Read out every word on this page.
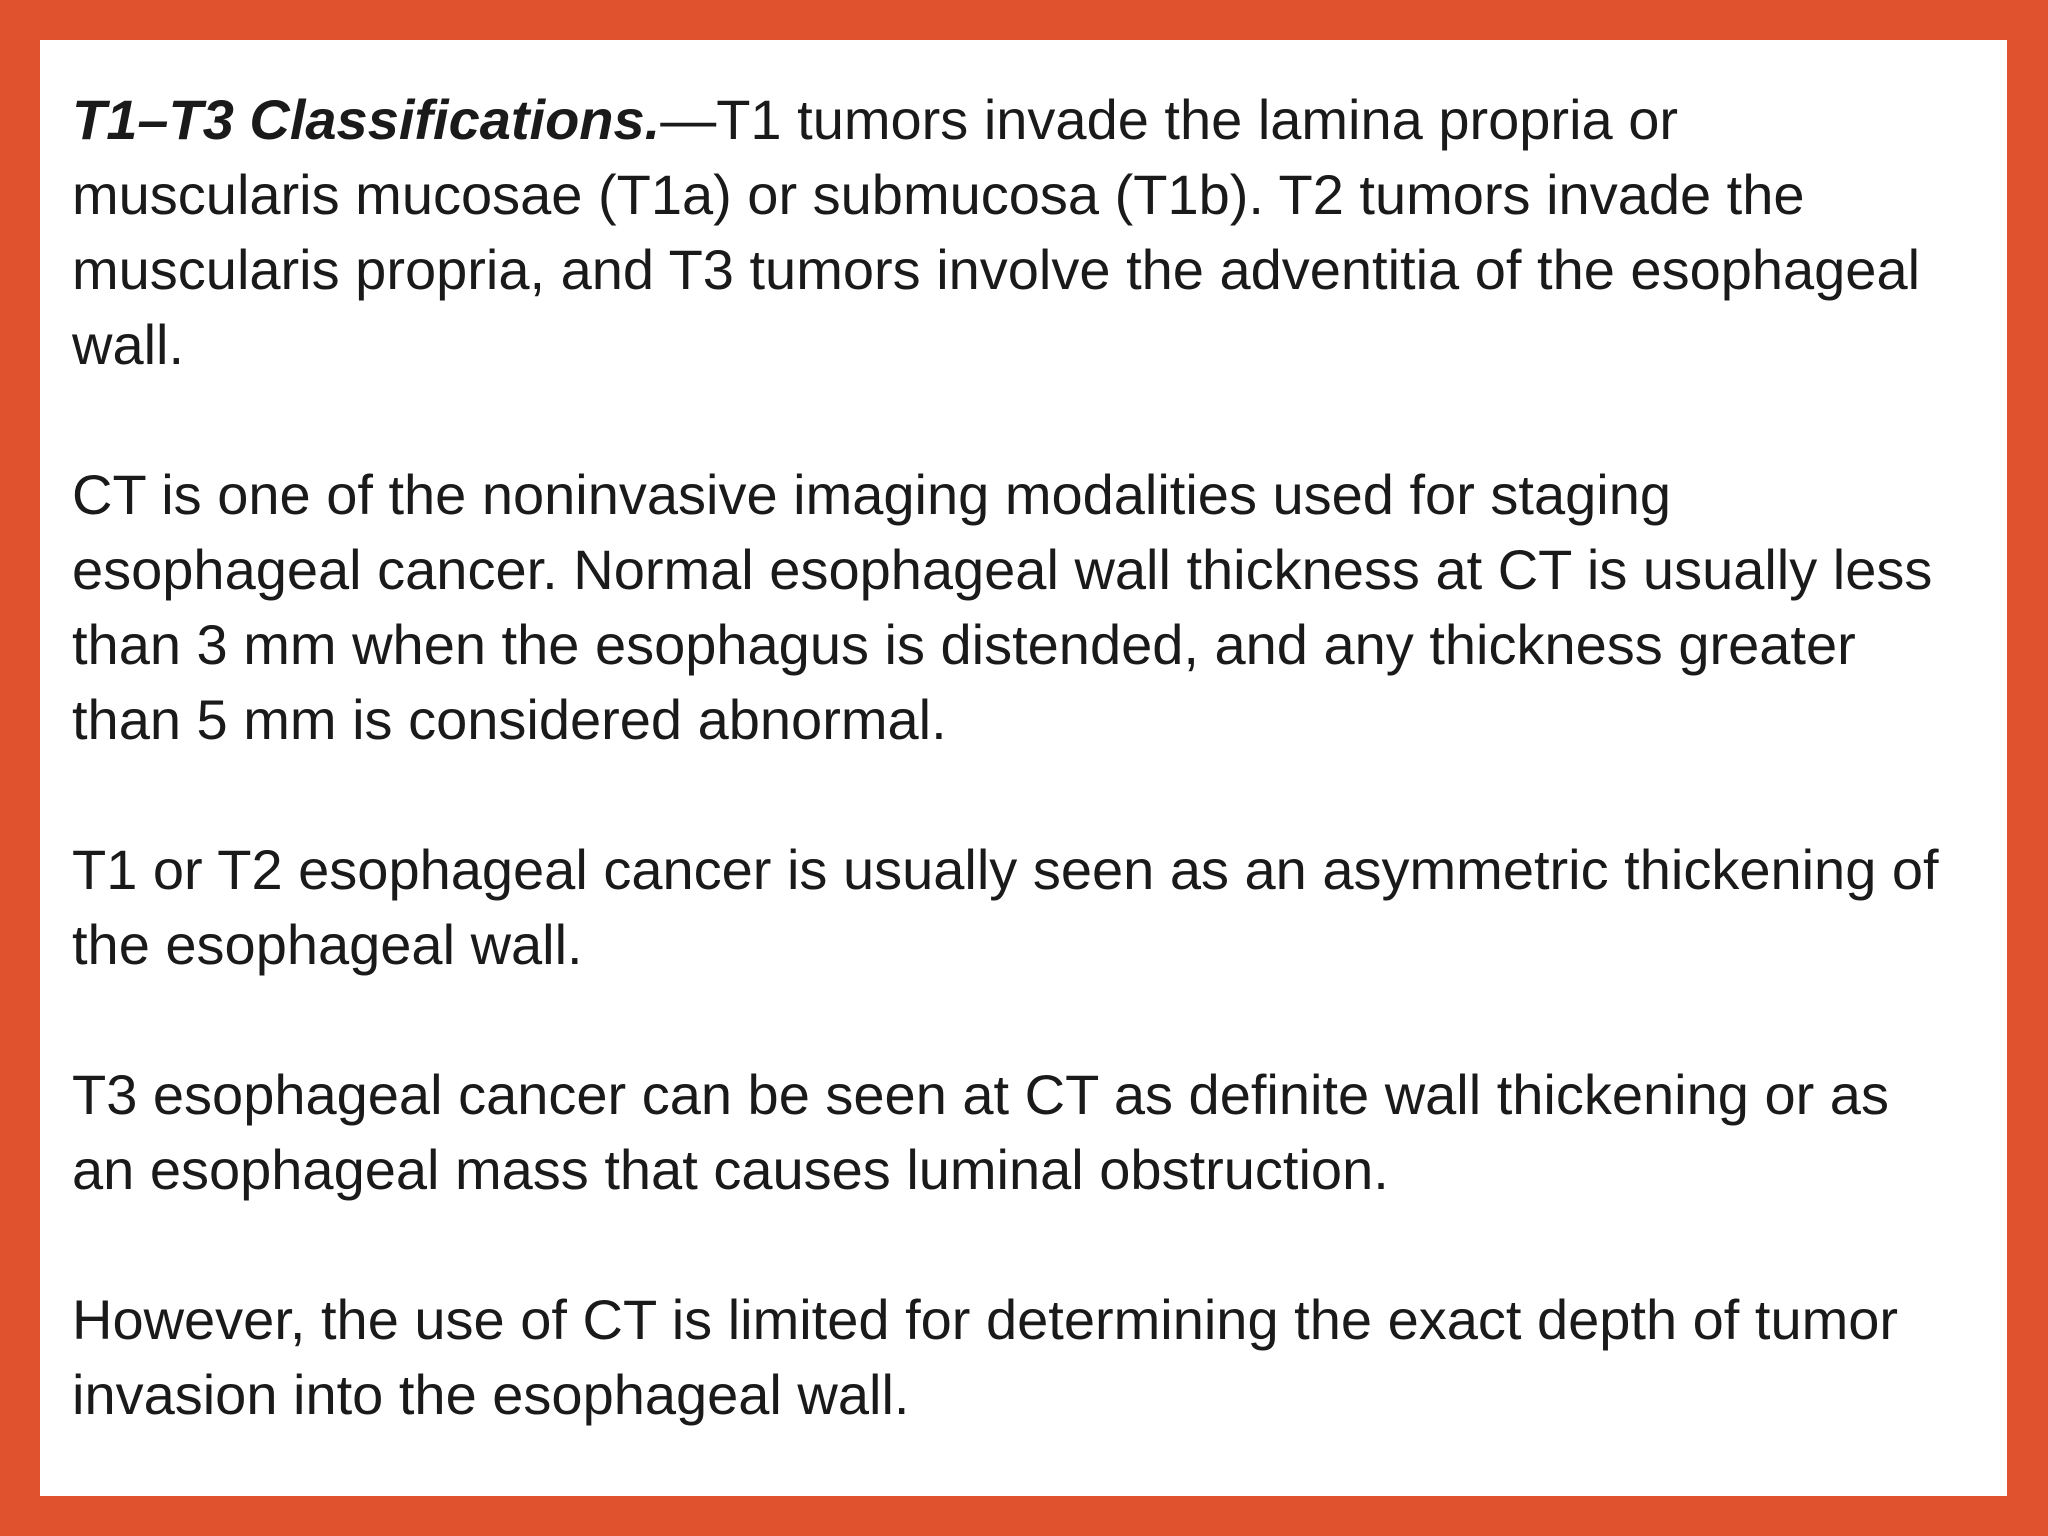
T1–T3 Classifications.—T1 tumors invade the lamina propria or muscularis mucosae (T1a) or submucosa (T1b). T2 tumors invade the muscularis propria, and T3 tumors involve the adventitia of the esophageal wall.

CT is one of the noninvasive imaging modalities used for staging esophageal cancer. Normal esophageal wall thickness at CT is usually less than 3 mm when the esophagus is distended, and any thickness greater than 5 mm is considered abnormal.

T1 or T2 esophageal cancer is usually seen as an asymmetric thickening of the esophageal wall.

T3 esophageal cancer can be seen at CT as definite wall thickening or as an esophageal mass that causes luminal obstruction.

However, the use of CT is limited for determining the exact depth of tumor invasion into the esophageal wall.
